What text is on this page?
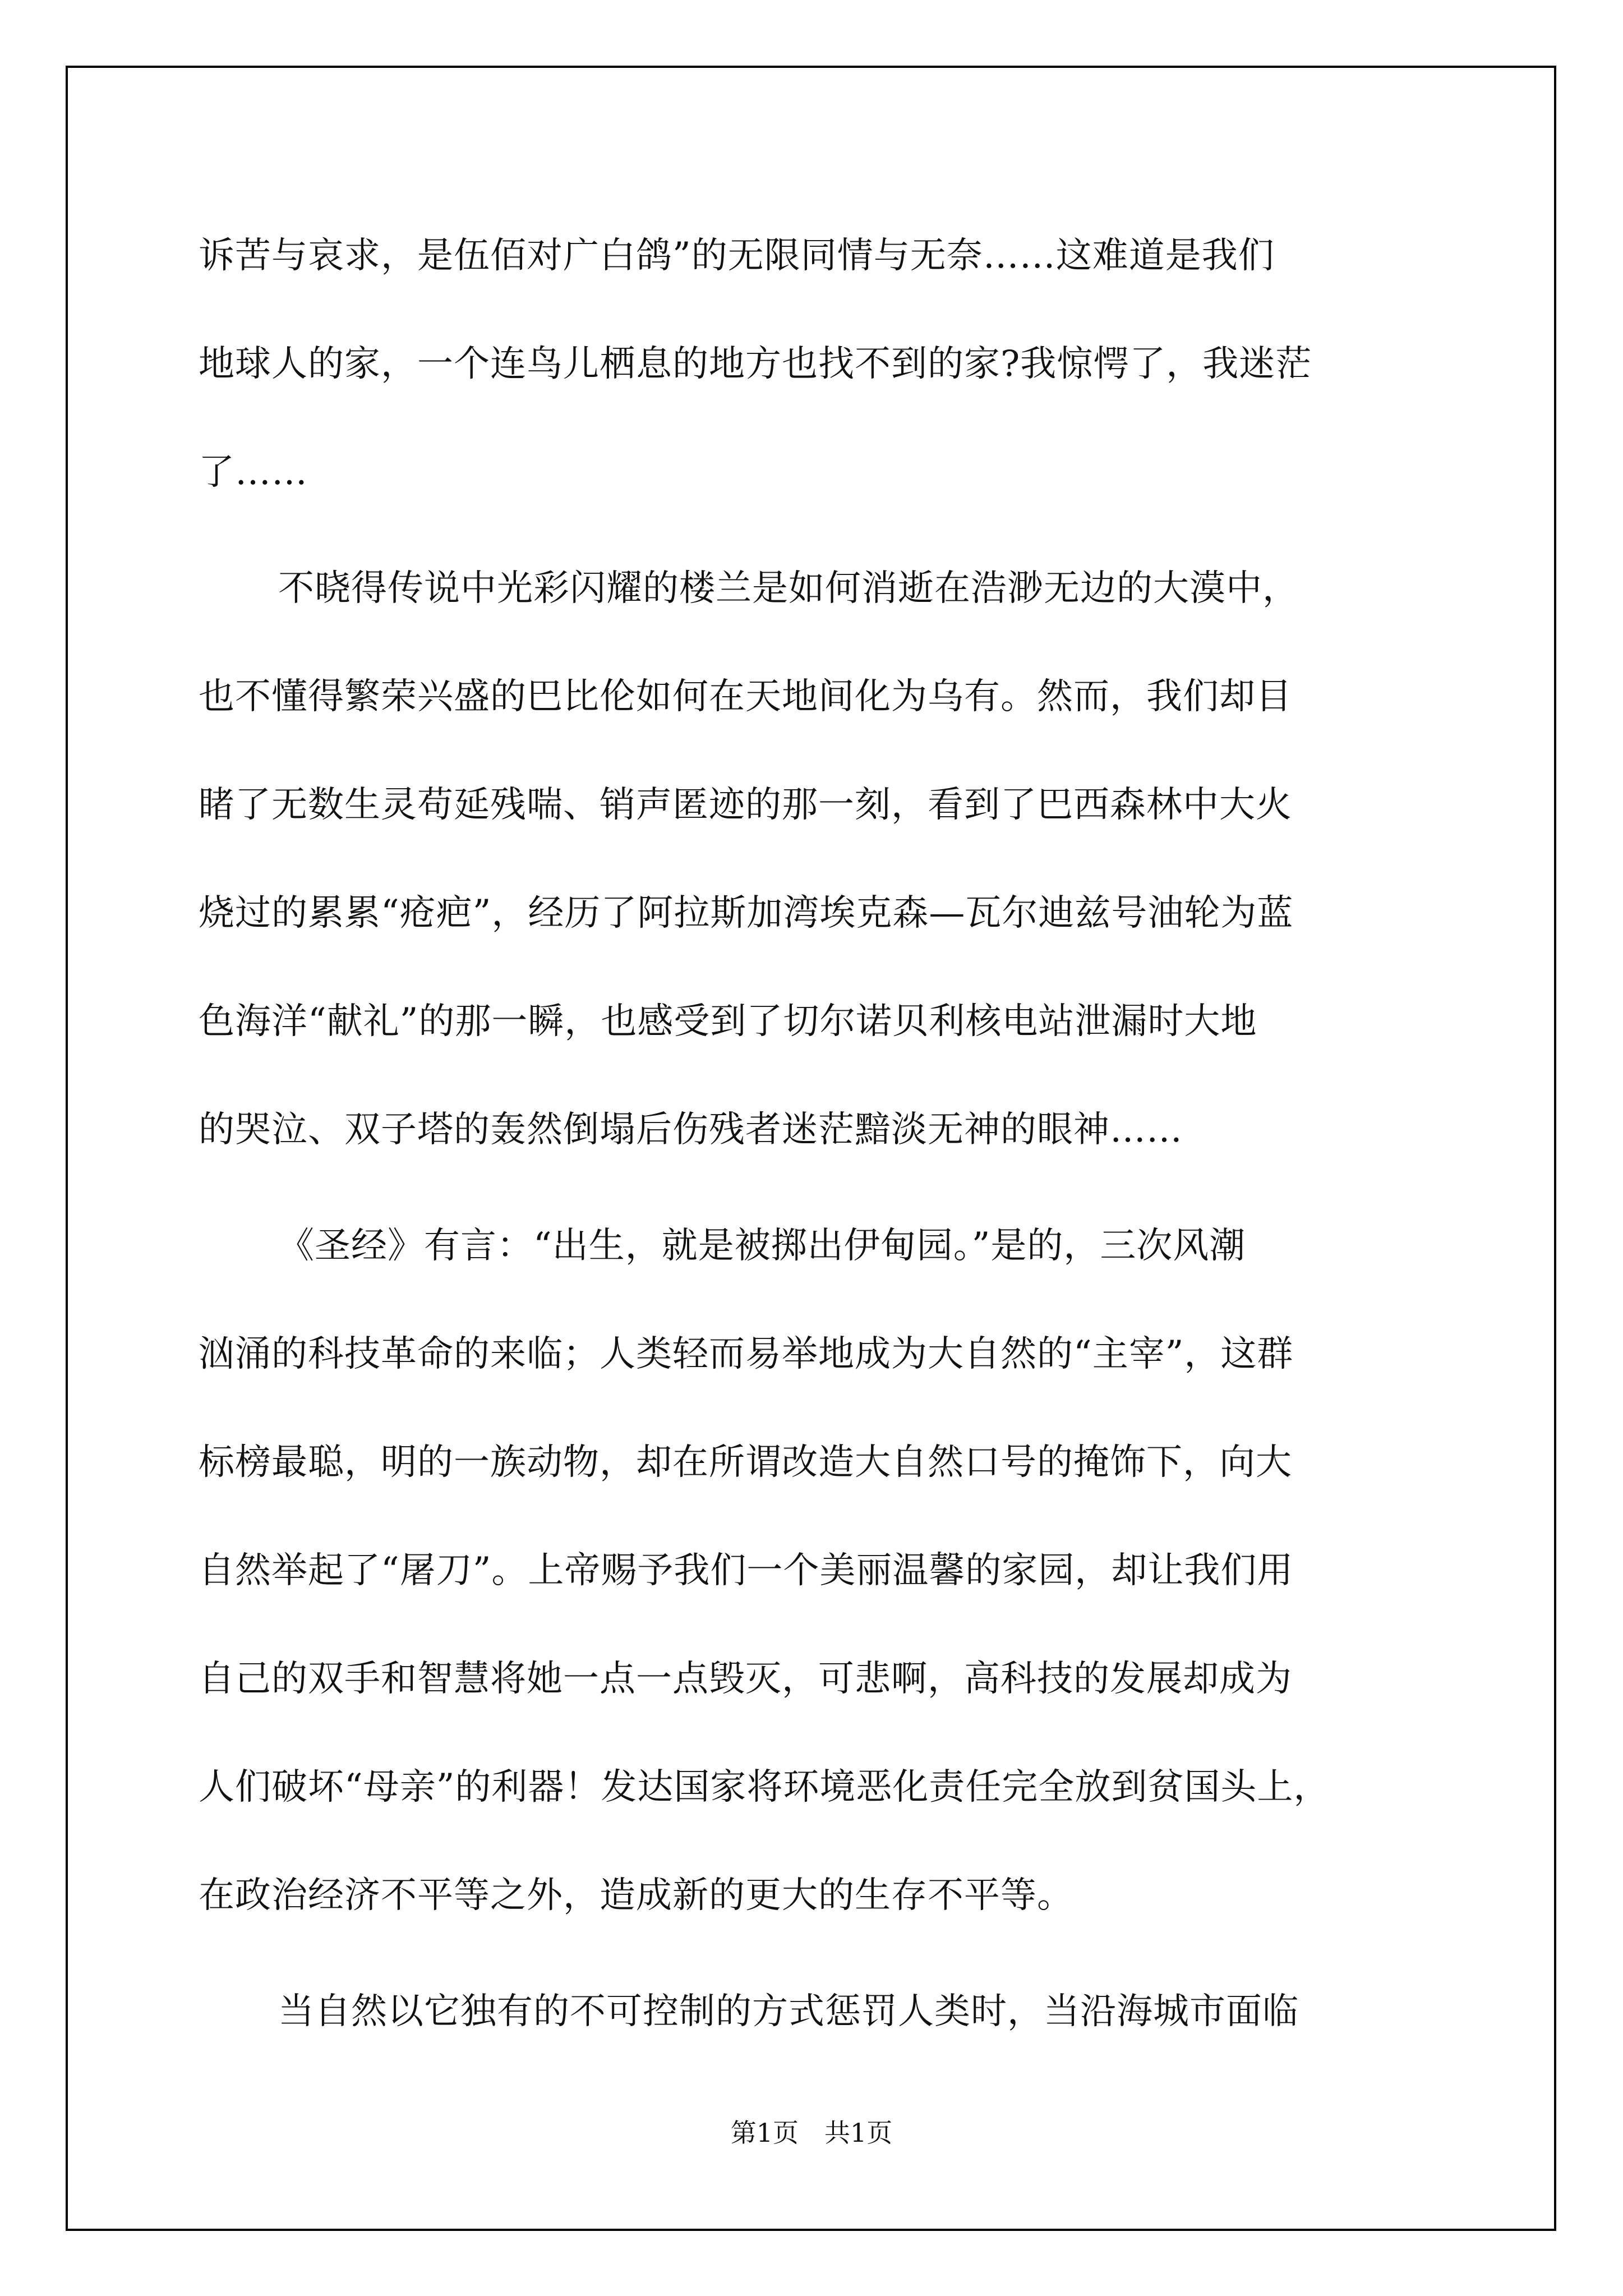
诉苦与哀求，是伍佰对广白鸽”的无限同情与无奈……这难道是我们
地球人的家，一个连鸟儿栖息的地方也找不到的家?我惊愕了，我迷茫
了……
不晓得传说中光彩闪耀的楼兰是如何消逝在浩渺无边的大漠中，
也不懂得繁荣兴盛的巴比伦如何在天地间化为乌有。然而，我们却目
睹了无数生灵苟延残喘、销声匿迹的那一刻，看到了巴西森林中大火
烧过的累累“疮疤”，经历了阿拉斯加湾埃克森—瓦尔迪兹号油轮为蓝
色海洋“献礼”的那一瞬，也感受到了切尔诺贝利核电站泄漏时大地
的哭泣、双子塔的轰然倒塌后伤残者迷茫黯淡无神的眼神……
《圣经》有言：“出生，就是被掷出伊甸园。”是的，三次风潮
汹涌的科技革命的来临；人类轻而易举地成为大自然的“主宰”，这群
标榜最聪，明的一族动物，却在所谓改造大自然口号的掩饰下，向大
自然举起了“屠刀”。上帝赐予我们一个美丽温馨的家园，却让我们用
自己的双手和智慧将她一点一点毁灭，可悲啊，高科技的发展却成为
人们破坏“母亲”的利器！发达国家将环境恶化责任完全放到贫国头上，
在政治经济不平等之外，造成新的更大的生存不平等。
当自然以它独有的不可控制的方式惩罚人类时，当沿海城市面临
第1页　共1页
